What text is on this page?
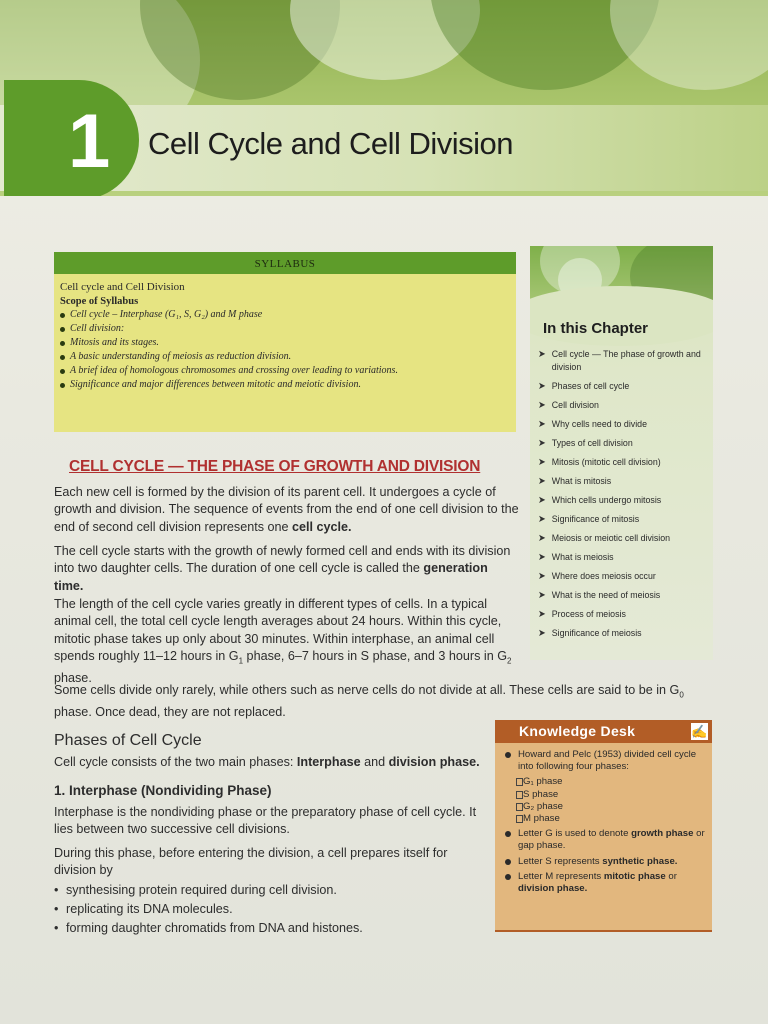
1 Cell Cycle and Cell Division
SYLLABUS
Cell cycle and Cell Division
Scope of Syllabus
Cell cycle – Interphase (G₁, S, G₂) and M phase
Cell division:
Mitosis and its stages.
A basic understanding of meiosis as reduction division.
A brief idea of homologous chromosomes and crossing over leading to variations.
Significance and major differences between mitotic and meiotic division.
In this Chapter
➤ Cell cycle — The phase of growth and division
➤ Phases of cell cycle
➤ Cell division
➤ Why cells need to divide
➤ Types of cell division
➤ Mitosis (mitotic cell division)
➤ What is mitosis
➤ Which cells undergo mitosis
➤ Significance of mitosis
➤ Meiosis or meiotic cell division
➤ What is meiosis
➤ Where does meiosis occur
➤ What is the need of meiosis
➤ Process of meiosis
➤ Significance of meiosis
CELL CYCLE — THE PHASE OF GROWTH AND DIVISION
Each new cell is formed by the division of its parent cell. It undergoes a cycle of growth and division. The sequence of events from the end of one cell division to the end of second cell division represents one cell cycle.
The cell cycle starts with the growth of newly formed cell and ends with its division into two daughter cells. The duration of one cell cycle is called the generation time.
The length of the cell cycle varies greatly in different types of cells. In a typical animal cell, the total cell cycle length averages about 24 hours. Within this cycle, mitotic phase takes up only about 30 minutes. Within interphase, an animal cell spends roughly 11–12 hours in $G_1$ phase, 6–7 hours in S phase, and 3 hours in $G_2$ phase.
Some cells divide only rarely, while others such as nerve cells do not divide at all. These cells are said to be in $G_0$ phase. Once dead, they are not replaced.
Phases of Cell Cycle
Cell cycle consists of the two main phases: Interphase and division phase.
1. Interphase (Nondividing Phase)
Interphase is the nondividing phase or the preparatory phase of cell cycle. It lies between two successive cell divisions.
During this phase, before entering the division, a cell prepares itself for division by
• synthesising protein required during cell division.
• replicating its DNA molecules.
• forming daughter chromatids from DNA and histones.
Knowledge Desk	✍
Howard and Pelc (1953) divided cell cycle into following four phases:
G₁ phase
S phase
G₂ phase
M phase
Letter G is used to denote growth phase or gap phase.
Letter S represents synthetic phase.
Letter M represents mitotic phase or division phase.
